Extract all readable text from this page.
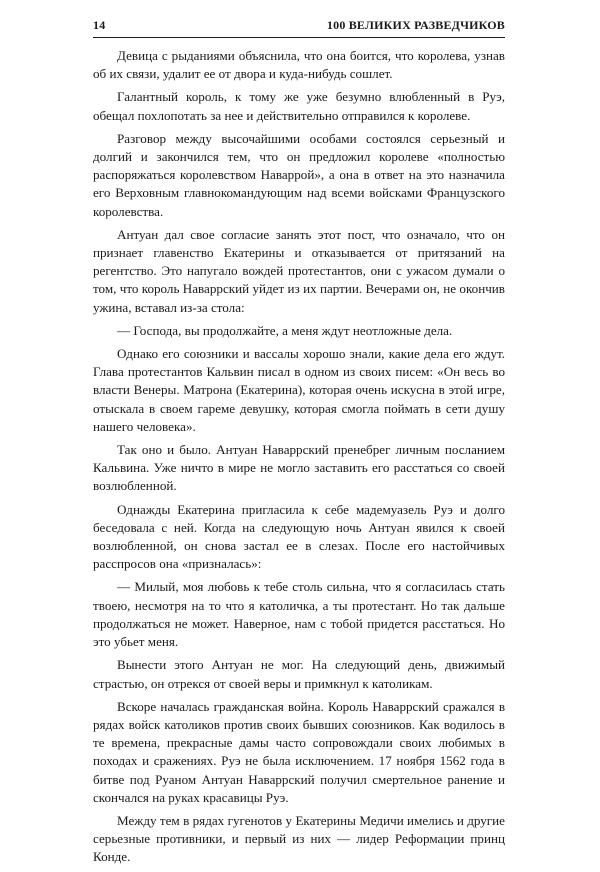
14	100 ВЕЛИКИХ РАЗВЕДЧИКОВ

Девица с рыданиями объяснила, что она боится, что королева, узнав об их связи, удалит ее от двора и куда-нибудь сошлет.

Галантный король, к тому же уже безумно влюбленный в Руэ, обещал похлопотать за нее и действительно отправился к королеве.

Разговор между высочайшими особами состоялся серьезный и долгий и закончился тем, что он предложил королеве «полностью распоряжаться королевством Наваррой», а она в ответ на это назначила его Верховным главнокомандующим над всеми войсками Французского королевства.

Антуан дал свое согласие занять этот пост, что означало, что он признает главенство Екатерины и отказывается от притязаний на регентство. Это напугало вождей протестантов, они с ужасом думали о том, что король Наваррский уйдет из их партии. Вечерами он, не окончив ужина, вставал из-за стола:

— Господа, вы продолжайте, а меня ждут неотложные дела.

Однако его союзники и вассалы хорошо знали, какие дела его ждут. Глава протестантов Кальвин писал в одном из своих писем: «Он весь во власти Венеры. Матрона (Екатерина), которая очень искусна в этой игре, отыскала в своем гареме девушку, которая смогла поймать в сети душу нашего человека».

Так оно и было. Антуан Наваррский пренебрег личным посланием Кальвина. Уже ничто в мире не могло заставить его расстаться со своей возлюбленной.

Однажды Екатерина пригласила к себе мадемуазель Руэ и долго беседовала с ней. Когда на следующую ночь Антуан явился к своей возлюбленной, он снова застал ее в слезах. После его настойчивых расспросов она «призналась»:

— Милый, моя любовь к тебе столь сильна, что я согласилась стать твоею, несмотря на то что я католичка, а ты протестант. Но так дальше продолжаться не может. Наверное, нам с тобой придется расстаться. Но это убьет меня.

Вынести этого Антуан не мог. На следующий день, движимый страстью, он отрекся от своей веры и примкнул к католикам.

Вскоре началась гражданская война. Король Наваррский сражался в рядах войск католиков против своих бывших союзников. Как водилось в те времена, прекрасные дамы часто сопровождали своих любимых в походах и сражениях. Руэ не была исключением. 17 ноября 1562 года в битве под Руаном Антуан Наваррский получил смертельное ранение и скончался на руках красавицы Руэ.

Между тем в рядах гугенотов у Екатерины Медичи имелись и другие серьезные противники, и первый из них — лидер Реформации принц Конде.
